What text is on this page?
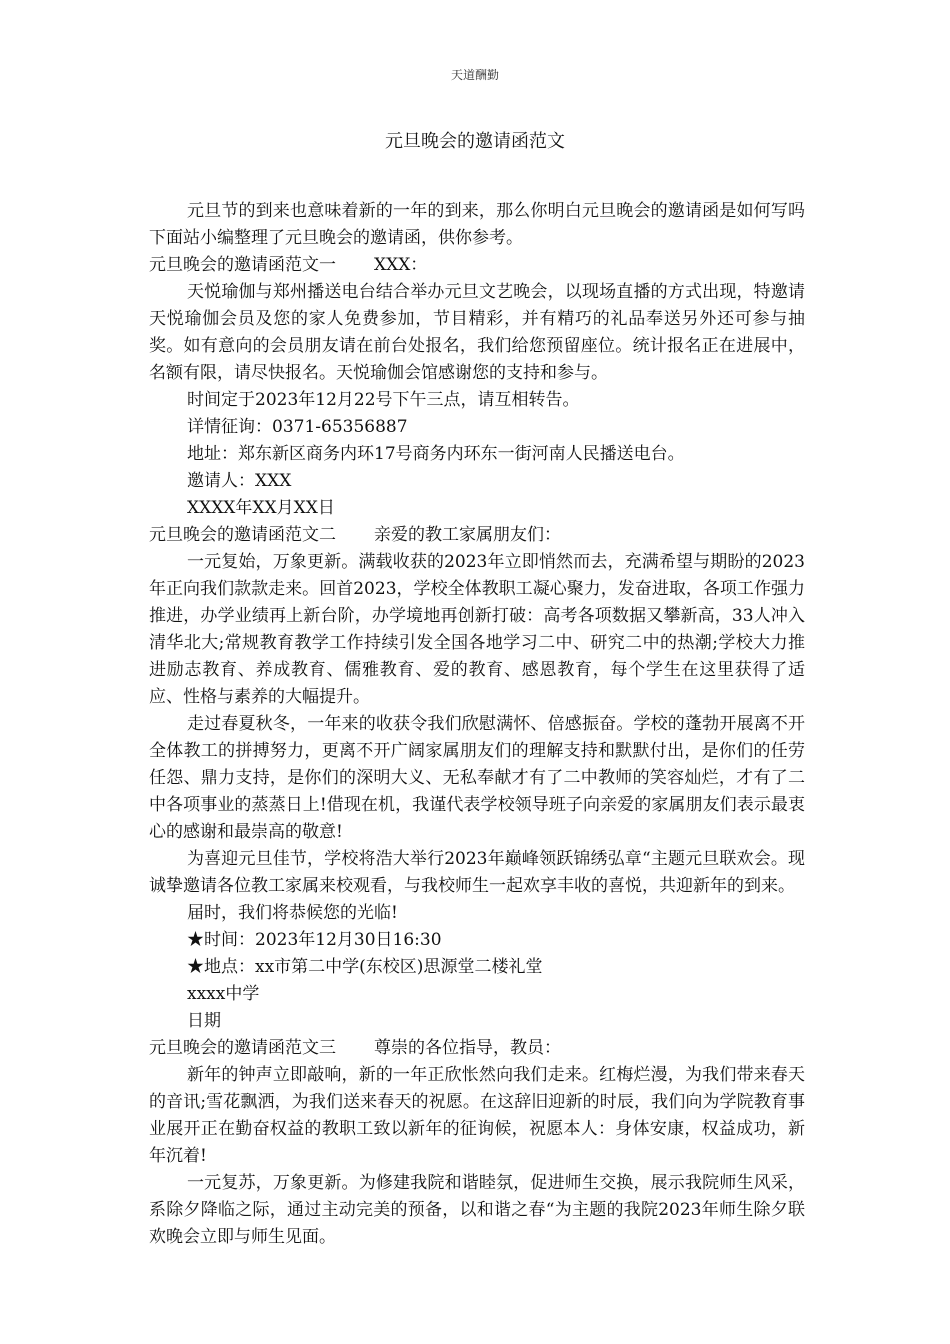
天道酬勤
元旦晚会的邀请函范文

元旦节的到来也意味着新的一年的到来，那么你明白元旦晚会的邀请函是如何写吗下面站小编整理了元旦晚会的邀请函，供你参考。

元旦晚会的邀请函范文一 XXX：

天悦瑜伽与郑州播送电台结合举办元旦文艺晚会，以现场直播的方式出现，特邀请天悦瑜伽会员及您的家人免费参加，节目精彩，并有精巧的礼品奉送另外还可参与抽奖。如有意向的会员朋友请在前台处报名，我们给您预留座位。统计报名正在进展中，名额有限，请尽快报名。天悦瑜伽会馆感谢您的支持和参与。

时间定于2023年12月22号下午三点，请互相转告。

详情征询：0371-65356887

地址：郑东新区商务内环17号商务内环东一街河南人民播送电台。

邀请人：XXX

XXXX年XX月XX日

元旦晚会的邀请函范文二 亲爱的教工家属朋友们：

一元复始，万象更新。满载收获的2023年立即悄然而去，充满希望与期盼的2023年正向我们款款走来。回首2023，学校全体教职工凝心聚力，发奋进取，各项工作强力推进，办学业绩再上新台阶，办学境地再创新打破：高考各项数据又攀新高，33人冲入清华北大;常规教育教学工作持续引发全国各地学习二中、研究二中的热潮;学校大力推进励志教育、养成教育、儒雅教育、爱的教育、感恩教育，每个学生在这里获得了适应、性格与素养的大幅提升。

走过春夏秋冬，一年来的收获令我们欣慰满怀、倍感振奋。学校的蓬勃开展离不开全体教工的拼搏努力，更离不开广阔家属朋友们的理解支持和默默付出，是你们的任劳任怨、鼎力支持，是你们的深明大义、无私奉献才有了二中教师的笑容灿烂，才有了二中各项事业的蒸蒸日上!借现在机，我谨代表学校领导班子向亲爱的家属朋友们表示最衷心的感谢和最崇高的敬意!

为喜迎元旦佳节，学校将浩大举行2023年巅峰领跃锦绣弘章“主题元旦联欢会。现诚挚邀请各位教工家属来校观看，与我校师生一起欢享丰收的喜悦，共迎新年的到来。

届时，我们将恭候您的光临!

★时间：2023年12月30日16:30

★地点：xx市第二中学(东校区)思源堂二楼礼堂

xxxx中学

日期

元旦晚会的邀请函范文三 尊崇的各位指导，教员：

新年的钟声立即敲响，新的一年正欣怅然向我们走来。红梅烂漫，为我们带来春天的音讯;雪花飘洒，为我们送来春天的祝愿。在这辞旧迎新的时辰，我们向为学院教育事业展开正在勤奋权益的教职工致以新年的征询候，祝愿本人：身体安康，权益成功，新年沉着!

一元复苏，万象更新。为修建我院和谐睦氛，促进师生交换，展示我院师生风采，系除夕降临之际，通过主动完美的预备，以和谐之春“为主题的我院2023年师生除夕联欢晚会立即与师生见面。
